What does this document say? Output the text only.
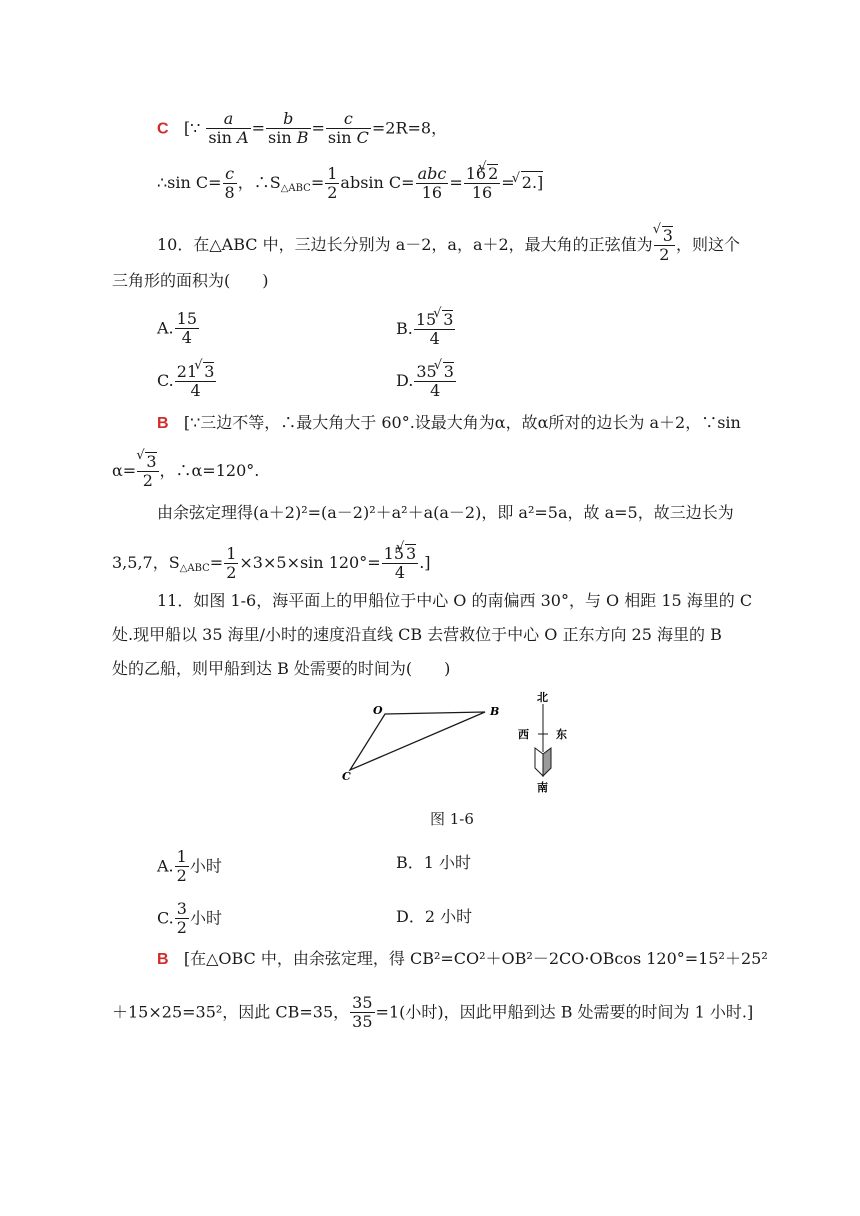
C [∵ $\frac{a}{\text{sin A}} = \frac{b}{\text{sin B}} = \frac{c}{\text{sin C}} =2R=8$，
∴sin $C= \frac{c}{8}$ ，$\therefore S_{\triangle ABC}= \frac{1}{2}$ absin $C= \frac{\text{abc}}{16} = \frac{16 √ 2}{16}$ = √ 2.]
10．在△ABC 中，三边长分别为 a－2，a，a＋2，最大角的正弦值为 √ $\frac{3}{2}$ ，则这个
三角形的面积为(　　)
A. $\frac{15}{4}$	B. $\frac{15 √ 3}{4}$
C. $\frac{21 √ 3}{4}$	D. $\frac{35 √ 3}{4}$
B [∵三边不等，∴最大角大于 60°.设最大角为α，故α所对的边长为 a＋2，∵sin
α= √ $\frac{3}{2}$ ，∴α=120°.
由余弦定理得(a＋2)²=(a－2)²＋a²＋a(a－2)，即 a²=5a，故 a=5，故三边长为
3,5,7，$S_{\triangle ABC}= \frac{1}{2} \times 3\times 5\times\sin$ $120^\circ= \frac{15 √ 3}{4}$ .]
11．如图 1-6，海平面上的甲船位于中心 O 的南偏西 30°，与 O 相距 15 海里的 C
处.现甲船以 35 海里/小时的速度沿直线 CB 去营救位于中心 O 正东方向 25 海里的 B
处的乙船，则甲船到达 B 处需要的时间为(　　)
O	B
C
北
西 东
南
图 1-6
A. $\frac{1}{2}$ 小时	B．1 小时
C. $\frac{3}{2}$ 小时	D．2 小时
B [在△OBC 中，由余弦定理，得 CB²=CO²＋OB²－2CO·OBcos 120°=15²＋25²
＋15×25=35²，因此 CB=35， $\frac{35}{35} =1$(小时)，因此甲船到达 B 处需要的时间为 1 小时.]
